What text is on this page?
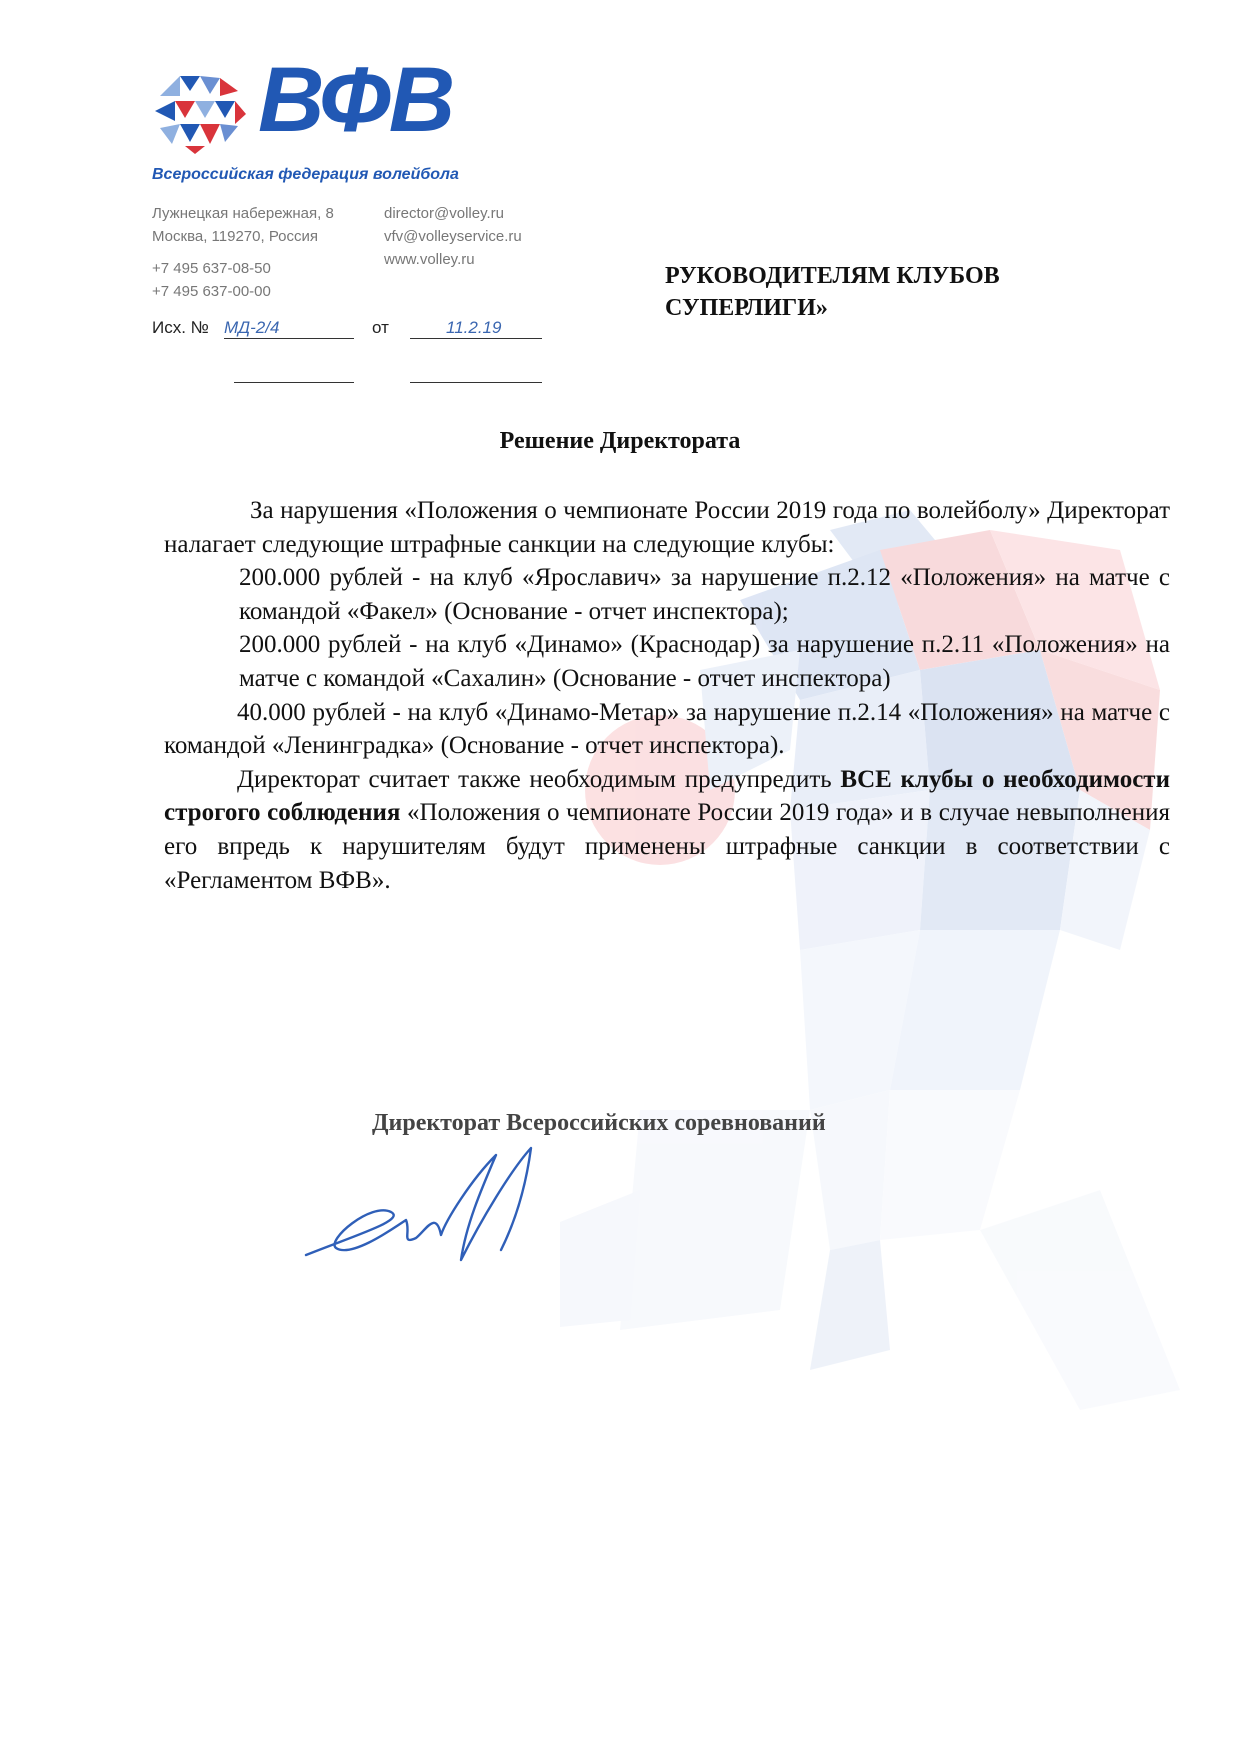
ВФВ
Всероссийская федерация волейбола
Лужнецкая набережная, 8
Москва, 119270, Россия
+7 495 637-08-50
+7 495 637-00-00
director@volley.ru
vfv@volleyservice.ru
www.volley.ru
Исх. № МД-2/4	от	11.2.19
РУКОВОДИТЕЛЯМ КЛУБОВ
СУПЕРЛИГИ»
Решение Директората

За нарушения «Положения о чемпионате России 2019 года по волейболу» Директорат налагает следующие штрафные санкции на следующие клубы:

200.000 рублей - на клуб «Ярославич» за нарушение п.2.12 «Положения» на матче с командой «Факел» (Основание - отчет инспектора);

200.000 рублей - на клуб «Динамо» (Краснодар) за нарушение п.2.11 «Положения» на матче с командой «Сахалин» (Основание - отчет инспектора)

40.000 рублей - на клуб «Динамо-Метар» за нарушение п.2.14 «Положения» на матче с командой «Ленинградка» (Основание - отчет инспектора).

Директорат считает также необходимым предупредить ВСЕ клубы о необходимости строгого соблюдения «Положения о чемпионате России 2019 года» и в случае невыполнения его впредь к нарушителям будут применены штрафные санкции в соответствии с «Регламентом ВФВ».

Директорат Всероссийских соревнований
